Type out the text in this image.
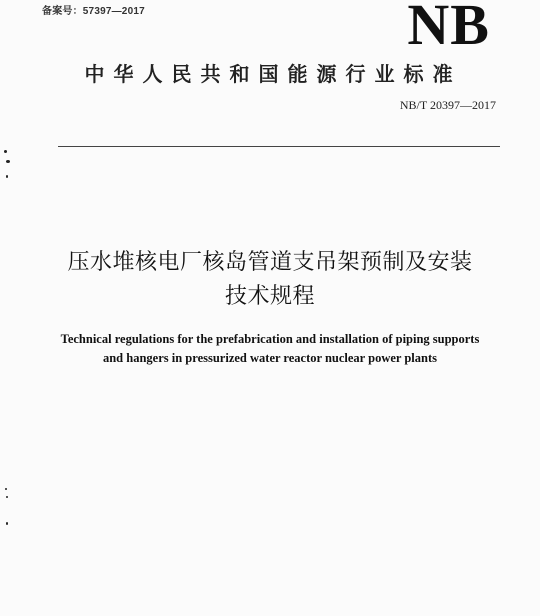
备案号：57397—2017	NB
中华人民共和国能源行业标准
NB/T 20397—2017
压水堆核电厂核岛管道支吊架预制及安装
技术规程
Technical regulations for the prefabrication and installation of piping supports
and hangers in pressurized water reactor nuclear power plants
